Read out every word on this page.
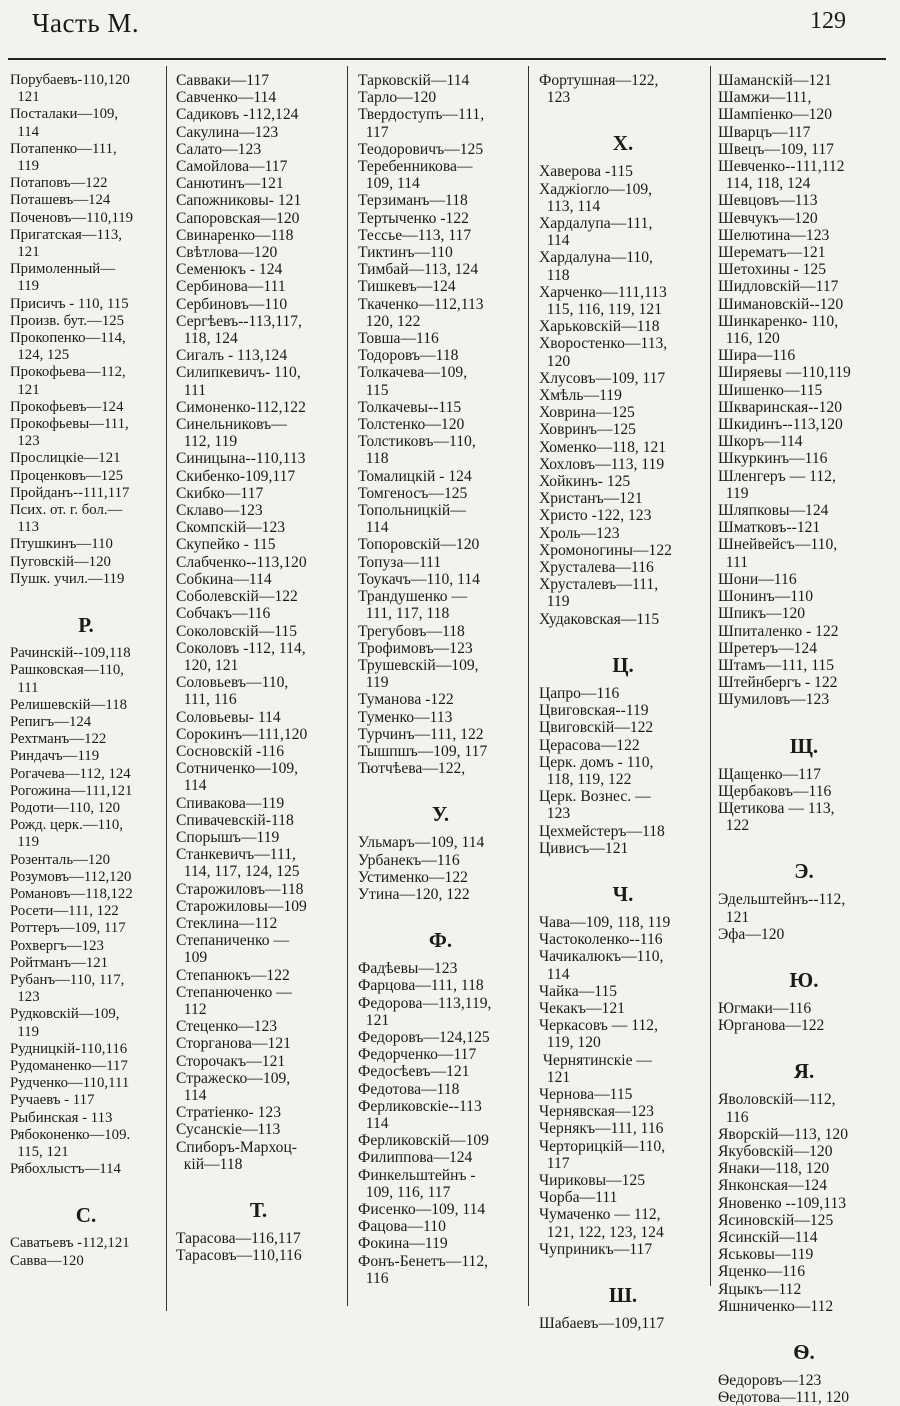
Часть М.	129
Порубаевъ-110,120
121
Посталаки—109,
114
Потапенко—111,
119
Потаповъ—122
Поташевъ—124
Поченовъ—110,119
Пригатская—113,
121
Примоленный—
119
Присичъ - 110, 115
Произв. бут.—125
Прокопенко—114,
124, 125
Прокофьева—112,
121
Прокофьевъ—124
Прокофьевы—111,
123
Прослицкіе—121
Проценковъ—125
Пройданъ--111,117
Псих. от. г. бол.—
113
Птушкинъ—110
Пуговскій—120
Пушк. учил.—119
Р.
Рачинскій--109,118
Рашковская—110,
111
Релишевскій—118
Репигъ—124
Рехтманъ—122
Риндачъ—119
Рогачева—112, 124
Рогожина—111,121
Родоти—110, 120
Рожд. церк.—110,
119
Розенталь—120
Розумовъ—112,120
Романовъ—118,122
Росети—111, 122
Роттеръ—109, 117
Рохвергъ—123
Ройтманъ—121
Рубанъ—110, 117,
123
Рудковскій—109,
119
Рудницкій-110,116
Рудоманенко—117
Рудченко—110,111
Ручаевъ - 117
Рыбинская - 113
Рябоконенко—109.
115, 121
Рябохлыстъ—114
С.
Саватьевъ -112,121
Савва—120
Савваки—117
Савченко—114
Садиковъ -112,124
Сакулина—123
Салато—123
Самойлова—117
Санютинъ—121
Сапожниковы- 121
Сапоровская—120
Свинаренко—118
Свѣтлова—120
Семенюкъ - 124
Сербинова—111
Сербиновъ—110
Сергѣевъ--113,117,
118, 124
Сигалъ - 113,124
Силипкевичъ- 110,
111
Симоненко-112,122
Синельниковъ—
112, 119
Синицына--110,113
Скибенко-109,117
Скибко—117
Склаво—123
Скомпскій—123
Скупейко - 115
Слабченко--113,120
Собкина—114
Соболевскій—122
Собчакъ—116
Соколовскій—115
Соколовъ -112, 114,
120, 121
Соловьевъ—110,
111, 116
Соловьевы- 114
Сорокинъ—111,120
Сосновскій -116
Сотниченко—109,
114
Спивакова—119
Спивачевскій-118
Спорышъ—119
Станкевичъ—111,
114, 117, 124, 125
Старожиловъ—118
Старожиловы—109
Стеклина—112
Степаниченко —
109
Степанюкъ—122
Степанюченко —
112
Стеценко—123
Сторганова—121
Сторочакъ—121
Стражеско—109,
114
Стратіенко- 123
Сусанскіе—113
Спиборъ-Мархоц-
кій—118
Т.
Тарасова—116,117
Тарасовъ—110,116
Тарковскій—114
Тарло—120
Твердоступъ—111,
117
Теодоровичъ—125
Теребенникова—
109, 114
Терзиманъ—118
Тертыченко -122
Тессье—113, 117
Тиктинъ—110
Тимбай—113, 124
Тишкевъ—124
Ткаченко—112,113
120, 122
Товша—116
Тодоровъ—118
Толкачева—109,
115
Толкачевы--115
Толстенко—120
Толстиковъ—110,
118
Томалицкій - 124
Томгеносъ—125
Топольницкій—
114
Топоровскій—120
Топуза—111
Тоукачъ—110, 114
Трандушенко —
111, 117, 118
Трегубовъ—118
Трофимовъ—123
Трушевскій—109,
119
Туманова -122
Туменко—113
Турчинъ—111, 122
Тышпшъ—109, 117
Тютчѣева—122,
У.
Ульмаръ—109, 114
Урбанекъ—116
Устименко—122
Утина—120, 122
Ф.
Фадѣевы—123
Фарцова—111, 118
Федорова—113,119,
121
Федоровъ—124,125
Федорченко—117
Федосѣевъ—121
Федотова—118
Ферликовскіе--113
114
Ферликовскій—109
Филиппова—124
Финкельштейнъ -
109, 116, 117
Фисенко—109, 114
Фацова—110
Фокина—119
Фонъ-Бенетъ—112,
116
Фортушная—122,
123
Х.
Хаверова -115
Хаджіогло—109,
113, 114
Хардалупа—111,
114
Хардалуна—110,
118
Харченко—111,113
115, 116, 119, 121
Харьковскій—118
Хворостенко—113,
120
Хлусовъ—109, 117
Хмѣль—119
Ховрина—125
Ховринъ—125
Хоменко—118, 121
Хохловъ—113, 119
Хойкинъ- 125
Христанъ—121
Христо -122, 123
Хроль—123
Хромоногины—122
Хрусталева—116
Хрусталевъ—111,
119
Худаковская—115
Ц.
Цапро—116
Цвиговская--119
Цвиговскій—122
Церасова—122
Церк. домъ - 110,
118, 119, 122
Церк. Вознес. —
123
Цехмейстеръ—118
Цивисъ—121
Ч.
Чава—109, 118, 119
Частоколенко--116
Чачикалюкъ—110,
114
Чайка—115
Чекакъ—121
Черкасовъ — 112,
119, 120
Чернятинскіе —
121
Чернова—115
Чернявская—123
Чернякъ—111, 116
Черторицкій—110,
117
Чириковы—125
Чорба—111
Чумаченко — 112,
121, 122, 123, 124
Чуприникъ—117
Ш.
Шабаевъ—109,117
Шаманскій—121
Шамжи—111,
Шампіенко—120
Шварцъ—117
Швецъ—109, 117
Шевченко--111,112
114, 118, 124
Шевцовъ—113
Шевчукъ—120
Шелютина—123
Шерематъ—121
Шетохины - 125
Шидловскій—117
Шимановскій--120
Шинкаренко- 110,
116, 120
Шира—116
Ширяевы —110,119
Шишенко—115
Шкваринская--120
Шкидинъ--113,120
Шкоръ—114
Шкуркинъ—116
Шленгеръ — 112,
119
Шляпковы—124
Шматковъ--121
Шнейвейсъ—110,
111
Шони—116
Шонинъ—110
Шпикъ—120
Шпиталенко - 122
Шретеръ—124
Штамъ—111, 115
Штейнбергъ - 122
Шумиловъ—123
Щ.
Щащенко—117
Щербаковъ—116
Щетикова — 113,
122
Э.
Эдельштейнъ--112,
121
Эфа—120
Ю.
Югмаки—116
Юрганова—122
Я.
Яволовскій—112,
116
Яворскій—113, 120
Якубовскій—120
Янаки—118, 120
Янконская—124
Яновенко --109,113
Ясиновскій—125
Ясинскій—114
Яськовы—119
Яценко—116
Яцыкъ—112
Яшниченко—112
Ѳ.
Ѳедоровъ—123
Ѳедотова—111, 120
